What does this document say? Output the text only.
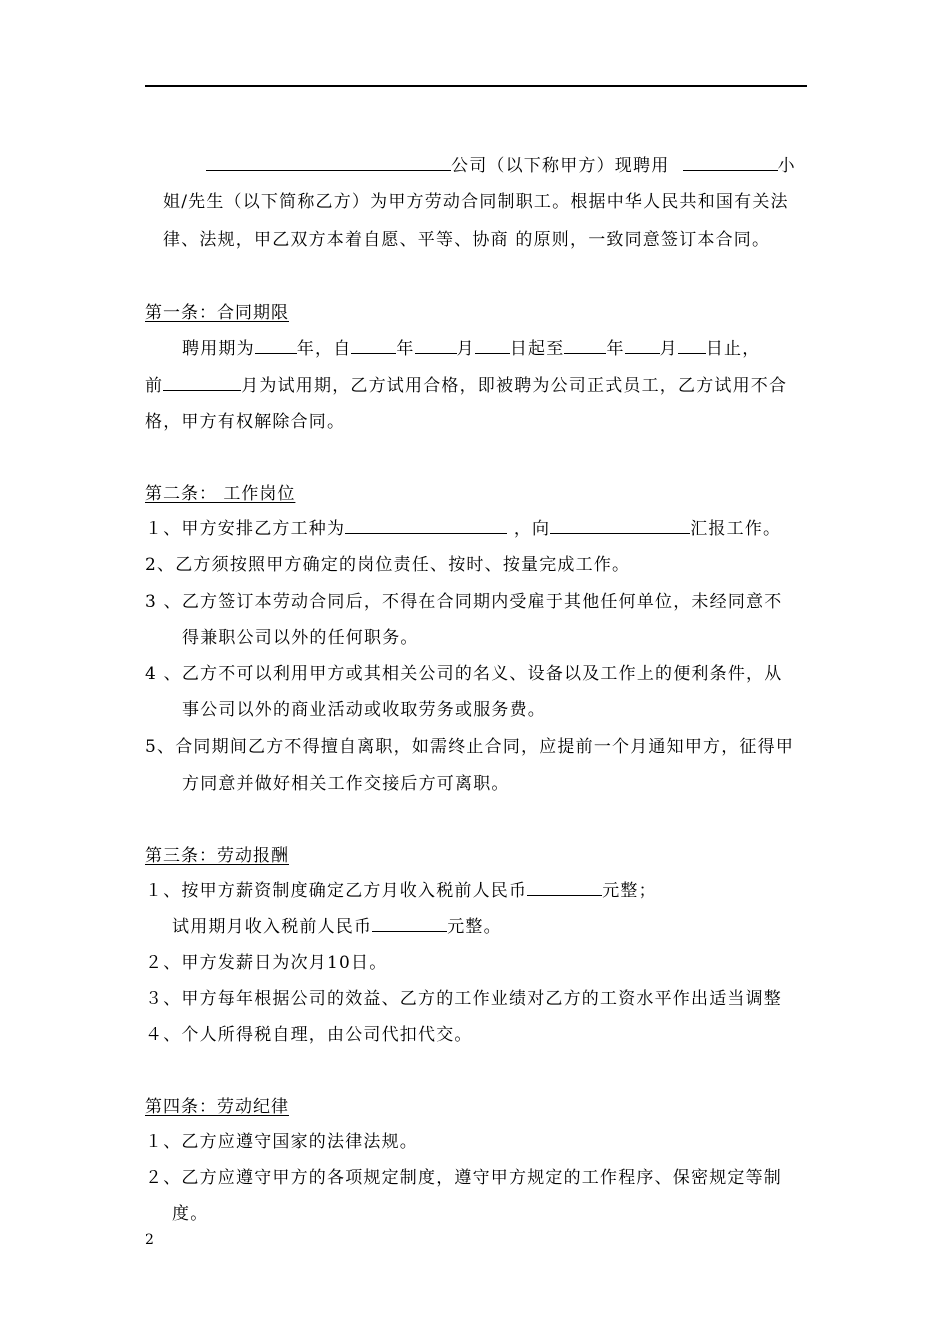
公司（以下称甲方）现聘用	小
姐/先生（以下简称乙方）为甲方劳动合同制职工。根据中华人民共和国有关法
律、法规，甲乙双方本着自愿、平等、协商 的原则，一致同意签订本合同。
第一条：合同期限
聘用期为 年，自	年 月 日起至 年 月 日止，
前	月为试用期，乙方试用合格，即被聘为公司正式员工，乙方试用不合
格，甲方有权解除合同。
第二条： 工作岗位
１、甲方安排乙方工种为	，向	汇报工作。
2、乙方须按照甲方确定的岗位责任、按时、按量完成工作。
3 、乙方签订本劳动合同后，不得在合同期内受雇于其他任何单位，未经同意不
得兼职公司以外的任何职务。
4 、乙方不可以利用甲方或其相关公司的名义、设备以及工作上的便利条件，从
事公司以外的商业活动或收取劳务或服务费。
5、合同期间乙方不得擅自离职，如需终止合同，应提前一个月通知甲方，征得甲
方同意并做好相关工作交接后方可离职。
第三条：劳动报酬
１、按甲方薪资制度确定乙方月收入税前人民币	元整；
试用期月收入税前人民币	元整。
２、甲方发薪日为次月10日。
３、甲方每年根据公司的效益、乙方的工作业绩对乙方的工资水平作出适当调整
４、个人所得税自理，由公司代扣代交。
第四条：劳动纪律
１、乙方应遵守国家的法律法规。
２、乙方应遵守甲方的各项规定制度，遵守甲方规定的工作程序、保密规定等制
度。
2
